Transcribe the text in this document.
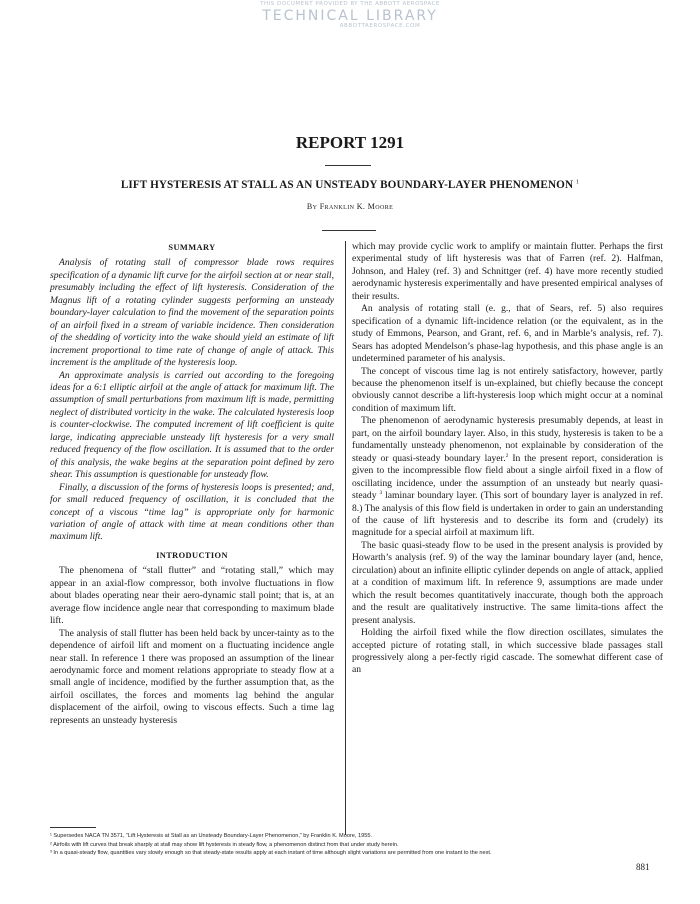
THIS DOCUMENT PROVIDED BY THE ABBOTT AEROSPACE
TECHNICAL LIBRARY
ABBOTTAEROSPACE.COM
REPORT 1291
LIFT HYSTERESIS AT STALL AS AN UNSTEADY BOUNDARY-LAYER PHENOMENON $^1$
By Franklin K. Moore
SUMMARY

Analysis of rotating stall of compressor blade rows requires specification of a dynamic lift curve for the airfoil section at or near stall, presumably including the effect of lift hysteresis. Consideration of the Magnus lift of a rotating cylinder suggests performing an unsteady boundary-layer calculation to find the movement of the separation points of an airfoil fixed in a stream of variable incidence. Then consideration of the shedding of vorticity into the wake should yield an estimate of lift increment proportional to time rate of change of angle of attack. This increment is the amplitude of the hysteresis loop.

An approximate analysis is carried out according to the foregoing ideas for a 6:1 elliptic airfoil at the angle of attack for maximum lift. The assumption of small perturbations from maximum lift is made, permitting neglect of distributed vorticity in the wake. The calculated hysteresis loop is counter-clockwise. The computed increment of lift coefficient is quite large, indicating appreciable unsteady lift hysteresis for a very small reduced frequency of the flow oscillation. It is assumed that to the order of this analysis, the wake begins at the separation point defined by zero shear. This assumption is questionable for unsteady flow.

Finally, a discussion of the forms of hysteresis loops is presented; and, for small reduced frequency of oscillation, it is concluded that the concept of a viscous “time lag” is appropriate only for harmonic variation of angle of attack with time at mean conditions other than maximum lift.

INTRODUCTION

The phenomena of “stall flutter” and “rotating stall,” which may appear in an axial-flow compressor, both involve fluctuations in flow about blades operating near their aero-dynamic stall point; that is, at an average flow incidence angle near that corresponding to maximum blade lift.

The analysis of stall flutter has been held back by uncer-tainty as to the dependence of airfoil lift and moment on a fluctuating incidence angle near stall. In reference 1 there was proposed an assumption of the linear aerodynamic force and moment relations appropriate to steady flow at a small angle of incidence, modified by the further assumption that, as the airfoil oscillates, the forces and moments lag behind the angular displacement of the airfoil, owing to viscous effects. Such a time lag represents an unsteady hysteresis

which may provide cyclic work to amplify or maintain flutter. Perhaps the first experimental study of lift hysteresis was that of Farren (ref. 2). Halfman, Johnson, and Haley (ref. 3) and Schnittger (ref. 4) have more recently studied aerodynamic hysteresis experimentally and have presented empirical analyses of their results.

An analysis of rotating stall (e. g., that of Sears, ref. 5) also requires specification of a dynamic lift-incidence relation (or the equivalent, as in the study of Emmons, Pearson, and Grant, ref. 6, and in Marble’s analysis, ref. 7). Sears has adopted Mendelson’s phase-lag hypothesis, and this phase angle is an undetermined parameter of his analysis.

The concept of viscous time lag is not entirely satisfactory, however, partly because the phenomenon itself is un-explained, but chiefly because the concept obviously cannot describe a lift-hysteresis loop which might occur at a nominal condition of maximum lift.

The phenomenon of aerodynamic hysteresis presumably depends, at least in part, on the airfoil boundary layer. Also, in this study, hysteresis is taken to be a fundamentally unsteady phenomenon, not explainable by consideration of the steady or quasi-steady boundary layer.$^2$ In the present report, consideration is given to the incompressible flow field about a single airfoil fixed in a flow of oscillating incidence, under the assumption of an unsteady but nearly quasi-steady $^3$ laminar boundary layer. (This sort of boundary layer is analyzed in ref. 8.) The analysis of this flow field is undertaken in order to gain an understanding of the cause of lift hysteresis and to describe its form and (crudely) its magnitude for a special airfoil at maximum lift.

The basic quasi-steady flow to be used in the present analysis is provided by Howarth’s analysis (ref. 9) of the way the laminar boundary layer (and, hence, circulation) about an infinite elliptic cylinder depends on angle of attack, applied at a condition of maximum lift. In reference 9, assumptions are made under which the result becomes quantitatively inaccurate, though both the approach and the result are qualitatively instructive. The same limita-tions affect the present analysis.

Holding the airfoil fixed while the flow direction oscillates, simulates the accepted picture of rotating stall, in which successive blade passages stall progressively along a per-fectly rigid cascade. The somewhat different case of an

¹ Supersedes NACA TN 3571, “Lift Hysteresis at Stall as an Unsteady Boundary-Layer Phenomenon,” by Franklin K. Moore, 1955.
² Airfoils with lift curves that break sharply at stall may show lift hysteresis in steady flow, a phenomenon distinct from that under study herein.
³ In a quasi-steady flow, quantities vary slowly enough so that steady-state results apply at each instant of time although slight variations are permitted from one instant to the next.
881
